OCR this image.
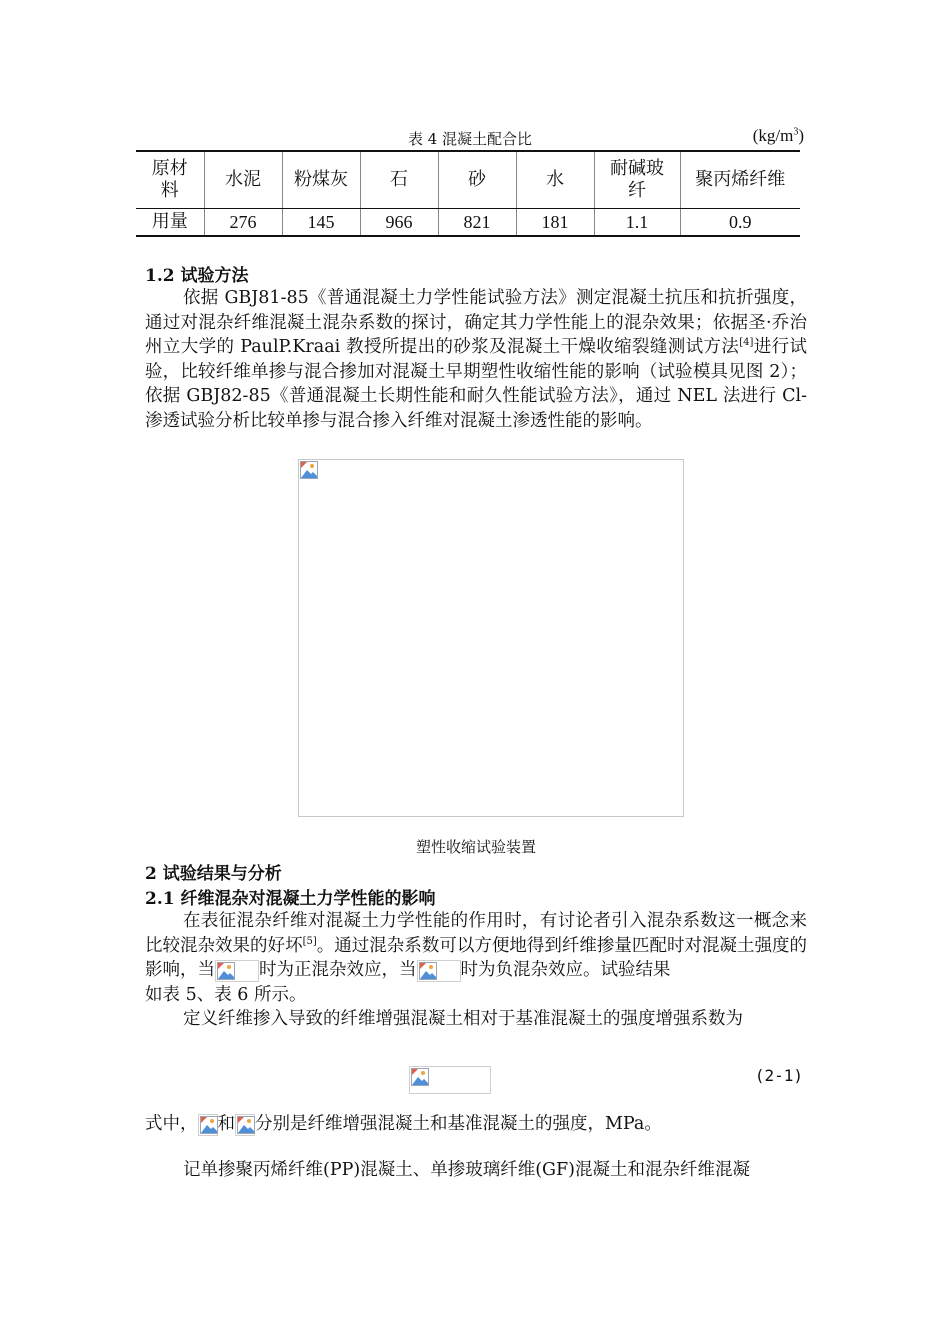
表 4 混凝土配合比	$(kg/m^3)$
原材料	水泥	粉煤灰	石	砂	水	耐碱玻纤	聚丙烯纤维
用量	276	145	966	821	181	1.1	0.9
1.2 试验方法

依据 GBJ81-85《普通混凝土力学性能试验方法》测定混凝土抗压和抗折强度，通过对混杂纤维混凝土混杂系数的探讨，确定其力学性能上的混杂效果；依据圣·乔治州立大学的 PaulP.Kraai 教授所提出的砂浆及混凝土干燥收缩裂缝测试方法[4]进行试验，比较纤维单掺与混合掺加对混凝土早期塑性收缩性能的影响（试验模具见图 2）；依据 GBJ82-85《普通混凝土长期性能和耐久性能试验方法》，通过 NEL 法进行 Cl-渗透试验分析比较单掺与混合掺入纤维对混凝土渗透性能的影响。

塑性收缩试验装置
2 试验结果与分析
2.1 纤维混杂对混凝土力学性能的影响

在表征混杂纤维对混凝土力学性能的作用时，有讨论者引入混杂系数这一概念来比较混杂效果的好坏[5]。通过混杂系数可以方便地得到纤维掺量匹配时对混凝土强度的影响，当	时为正混杂效应，当	时为负混杂效应。试验结果

如表 5、表 6 所示。

定义纤维掺入导致的纤维增强混凝土相对于基准混凝土的强度增强系数为

(2-1)

式中， 和 分别是纤维增强混凝土和基准混凝土的强度，MPa。

记单掺聚丙烯纤维(PP)混凝土、单掺玻璃纤维(GF)混凝土和混杂纤维混凝
